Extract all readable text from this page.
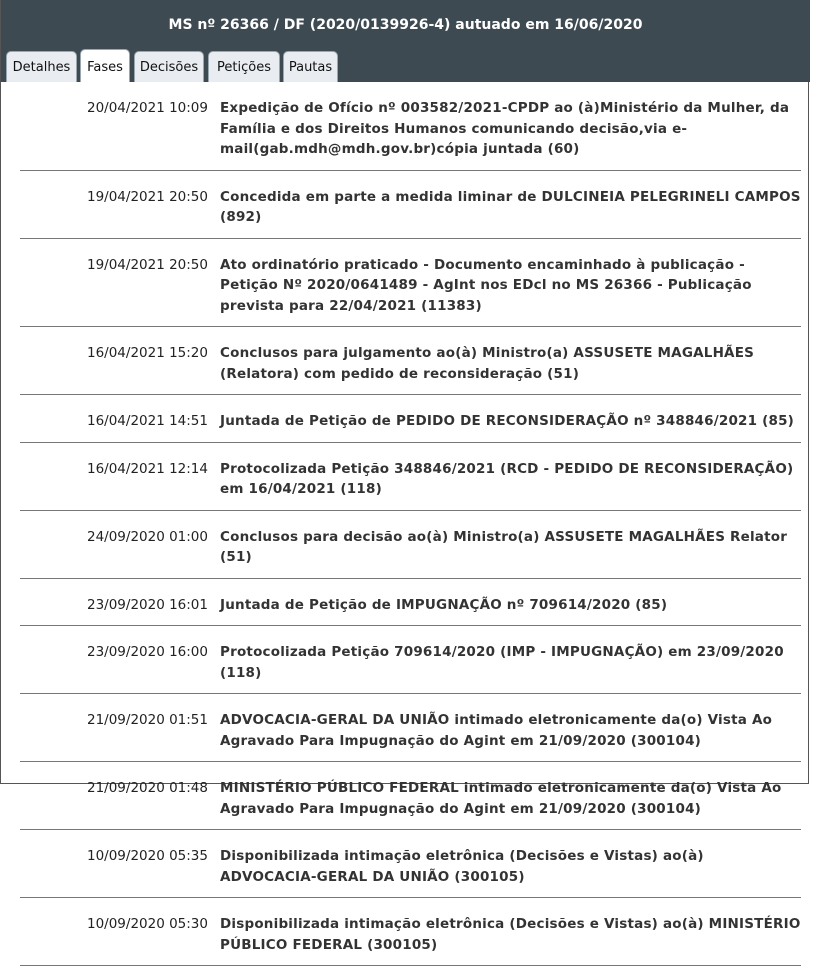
MS nº 26366 / DF (2020/0139926-4) autuado em 16/06/2020
Detalhes	Fases	Decisões	Petições	Pautas
20/04/2021 10:09 Expedição de Ofício nº 003582/2021-CPDP ao (à)Ministério da Mulher, da Família e dos Direitos Humanos comunicando decisão,via e-mail(gab.mdh@mdh.gov.br)cópia juntada (60)
19/04/2021 20:50 Concedida em parte a medida liminar de DULCINEIA PELEGRINELI CAMPOS (892)
19/04/2021 20:50 Ato ordinatório praticado - Documento encaminhado à publicação - Petição Nº 2020/0641489 - AgInt nos EDcl no MS 26366 - Publicação prevista para 22/04/2021 (11383)
16/04/2021 15:20 Conclusos para julgamento ao(à) Ministro(a) ASSUSETE MAGALHÃES (Relatora) com pedido de reconsideração (51)
16/04/2021 14:51 Juntada de Petição de PEDIDO DE RECONSIDERAÇÃO nº 348846/2021 (85)
16/04/2021 12:14 Protocolizada Petição 348846/2021 (RCD - PEDIDO DE RECONSIDERAÇÃO) em 16/04/2021 (118)
24/09/2020 01:00 Conclusos para decisão ao(à) Ministro(a) ASSUSETE MAGALHÃES Relator (51)
23/09/2020 16:01 Juntada de Petição de IMPUGNAÇÃO nº 709614/2020 (85)
23/09/2020 16:00 Protocolizada Petição 709614/2020 (IMP - IMPUGNAÇÃO) em 23/09/2020 (118)
21/09/2020 01:51 ADVOCACIA-GERAL DA UNIÃO intimado eletronicamente da(o) Vista Ao Agravado Para Impugnação do Agint em 21/09/2020 (300104)
21/09/2020 01:48 MINISTÉRIO PÚBLICO FEDERAL intimado eletronicamente da(o) Vista Ao Agravado Para Impugnação do Agint em 21/09/2020 (300104)
10/09/2020 05:35 Disponibilizada intimação eletrônica (Decisões e Vistas) ao(à) ADVOCACIA-GERAL DA UNIÃO (300105)
10/09/2020 05:30 Disponibilizada intimação eletrônica (Decisões e Vistas) ao(à) MINISTÉRIO PÚBLICO FEDERAL (300105)
